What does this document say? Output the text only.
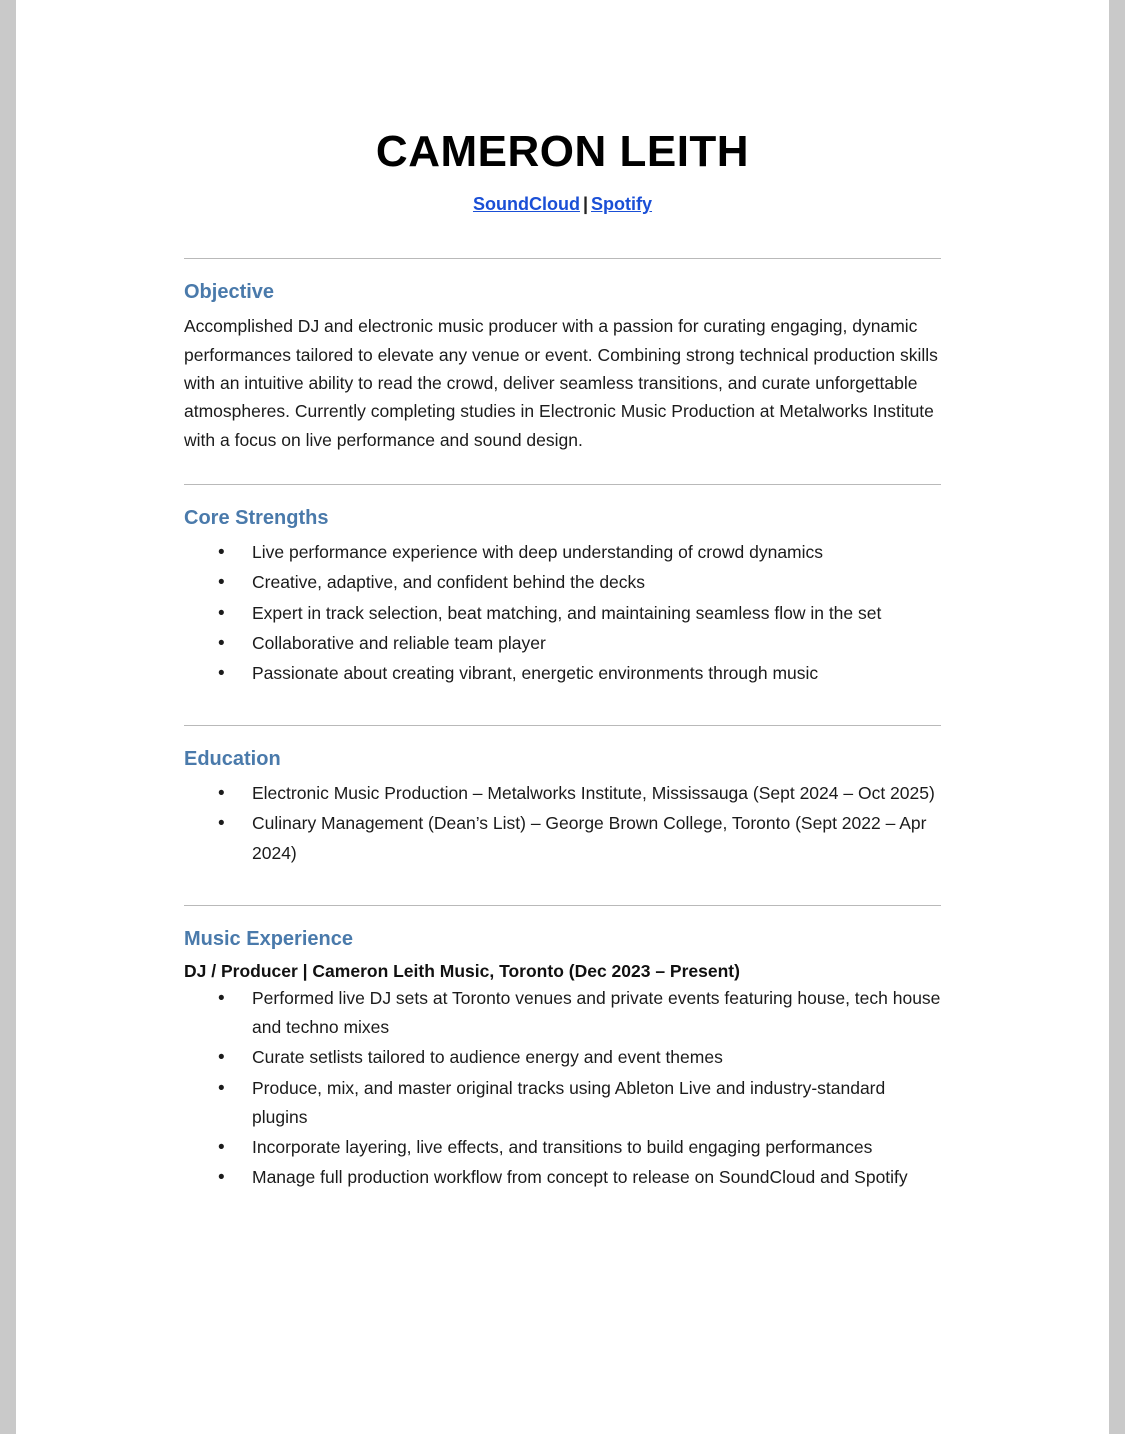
CAMERON LEITH
SoundCloud | Spotify
Objective

Accomplished DJ and electronic music producer with a passion for curating engaging, dynamic performances tailored to elevate any venue or event. Combining strong technical production skills with an intuitive ability to read the crowd, deliver seamless transitions, and curate unforgettable atmospheres. Currently completing studies in Electronic Music Production at Metalworks Institute with a focus on live performance and sound design.

Core Strengths
• Live performance experience with deep understanding of crowd dynamics
• Creative, adaptive, and confident behind the decks
• Expert in track selection, beat matching, and maintaining seamless flow in the set
• Collaborative and reliable team player
• Passionate about creating vibrant, energetic environments through music
Education
• Electronic Music Production – Metalworks Institute, Mississauga (Sept 2024 – Oct 2025)
• Culinary Management (Dean’s List) – George Brown College, Toronto (Sept 2022 – Apr 2024)
Music Experience
DJ / Producer | Cameron Leith Music, Toronto (Dec 2023 – Present)
• Performed live DJ sets at Toronto venues and private events featuring house, tech house and techno mixes
• Curate setlists tailored to audience energy and event themes
• Produce, mix, and master original tracks using Ableton Live and industry-standard plugins
• Incorporate layering, live effects, and transitions to build engaging performances
• Manage full production workflow from concept to release on SoundCloud and Spotify
